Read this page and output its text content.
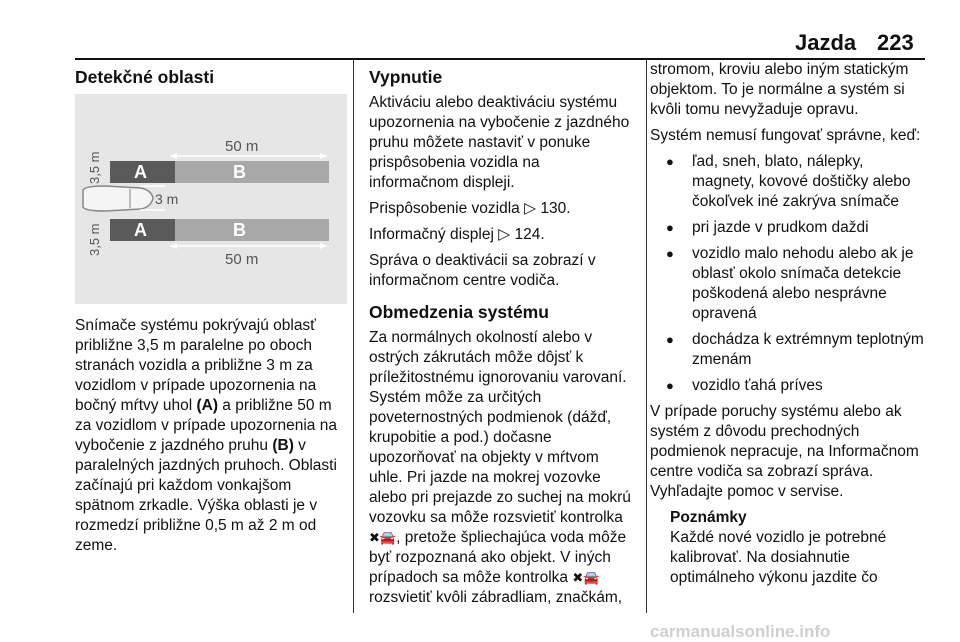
Jazda 223
Detekčné oblasti
50 m
A	B
3,5 m
3,5 m
3 m
A	B
50 m

Snímače systému pokrývajú oblasť približne 3,5 m paralelne po oboch stranách vozidla a približne 3 m za vozidlom v prípade upozornenia na bočný mŕtvy uhol (A) a približne 50 m za vozidlom v prípade upozornenia na vybočenie z jazdného pruhu (B) v paralelných jazdných pruhoch. Oblasti začínajú pri každom vonkajšom spätnom zrkadle. Výška oblasti je v rozmedzí približne 0,5 m až 2 m od zeme.

Vypnutie

Aktiváciu alebo deaktiváciu systému upozornenia na vybočenie z jazdného pruhu môžete nastaviť v ponuke prispôsobenia vozidla na informačnom displeji.

Prispôsobenie vozidla ▷ 130.

Informačný displej ▷ 124.

Správa o deaktivácii sa zobrazí v informačnom centre vodiča.

Obmedzenia systému

Za normálnych okolností alebo v ostrých zákrutách môže dôjsť k príležitostnému ignorovaniu varovaní. Systém môže za určitých poveternostných podmienok (dážď, krupobitie a pod.) dočasne upozorňovať na objekty v mŕtvom uhle. Pri jazde na mokrej vozovke alebo pri prejazde zo suchej na mokrú vozovku sa môže rozsvietiť kontrolka ✖🚘, pretože špliechajúca voda môže byť rozpoznaná ako objekt. V iných prípadoch sa môže kontrolka ✖🚘 rozsvietiť kvôli zábradliam, značkám,

stromom, kroviu alebo iným statickým objektom. To je normálne a systém si kvôli tomu nevyžaduje opravu.

Systém nemusí fungovať správne, keď:

● ľad, sneh, blato, nálepky, magnety, kovové doštičky alebo čokoľvek iné zakrýva snímače
● pri jazde v prudkom daždi
● vozidlo malo nehodu alebo ak je oblasť okolo snímača detekcie poškodená alebo nesprávne opravená
● dochádza k extrémnym teplotným zmenám
● vozidlo ťahá príves

V prípade poruchy systému alebo ak systém z dôvodu prechodných podmienok nepracuje, na Informačnom centre vodiča sa zobrazí správa. Vyhľadajte pomoc v servise.

Poznámky
Každé nové vozidlo je potrebné kalibrovať. Na dosiahnutie optimálneho výkonu jazdite čo
carmanualsonline.info
